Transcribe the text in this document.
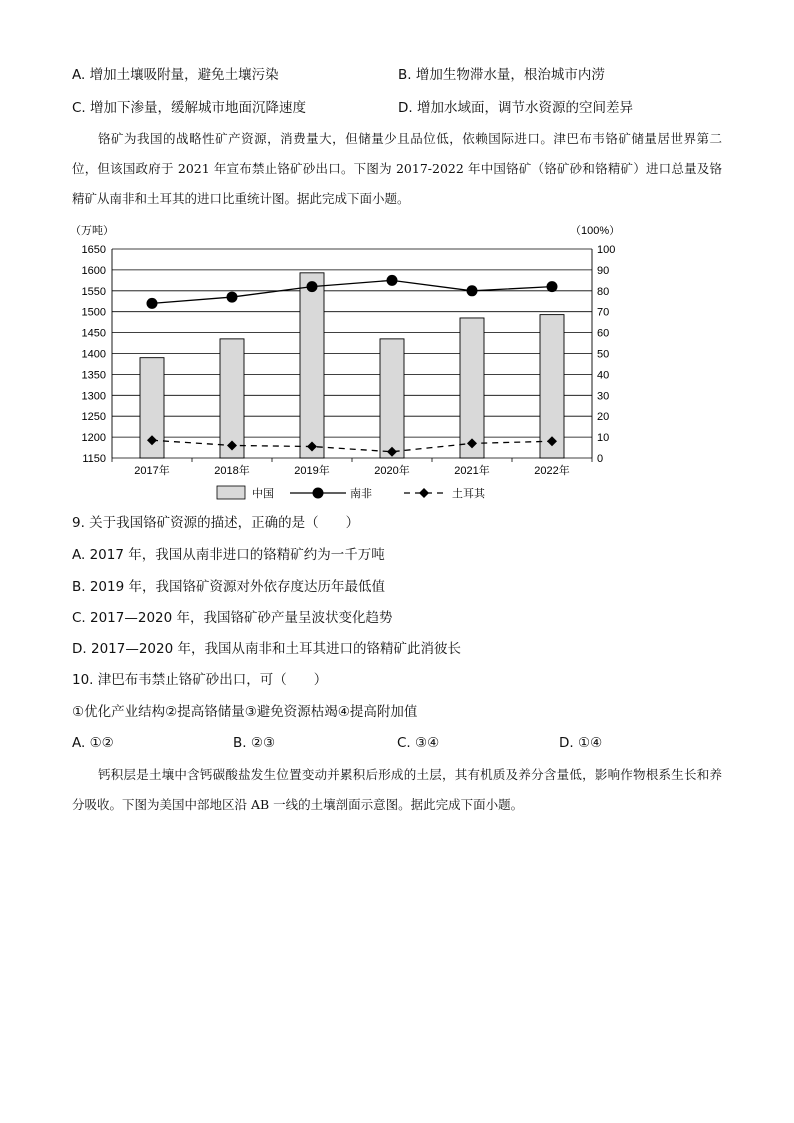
A. 增加土壤吸附量，避免土壤污染	B. 增加生物滞水量，根治城市内涝
C. 增加下渗量，缓解城市地面沉降速度	D. 增加水域面，调节水资源的空间差异
铬矿为我国的战略性矿产资源，消费量大，但储量少且品位低，依赖国际进口。津巴布韦铬矿储量居世界第二位，但该国政府于 2021 年宣布禁止铬矿砂出口。下图为 2017-2022 年中国铬矿（铬矿砂和铬精矿）进口总量及铬精矿从南非和土耳其的进口比重统计图。据此完成下面小题。
（万吨）	（100%）
1150
1200
1250
1300
1350
1400
1450
1500
1550
1600
1650
0
10
20
30
40
50
60
70
80
90
100
2017年	2018年	2019年	2020年	2021年	2022年
中国	南非	土耳其
9. 关于我国铬矿资源的描述，正确的是（　　）
A. 2017 年，我国从南非进口的铬精矿约为一千万吨
B. 2019 年，我国铬矿资源对外依存度达历年最低值
C. 2017—2020 年，我国铬矿砂产量呈波状变化趋势
D. 2017—2020 年，我国从南非和土耳其进口的铬精矿此消彼长
10. 津巴布韦禁止铬矿砂出口，可（　　）
①优化产业结构②提高铬储量③避免资源枯竭④提高附加值
A. ①②	B. ②③	C. ③④	D. ①④
钙积层是土壤中含钙碳酸盐发生位置变动并累积后形成的土层，其有机质及养分含量低，影响作物根系生长和养分吸收。下图为美国中部地区沿 AB 一线的土壤剖面示意图。据此完成下面小题。
